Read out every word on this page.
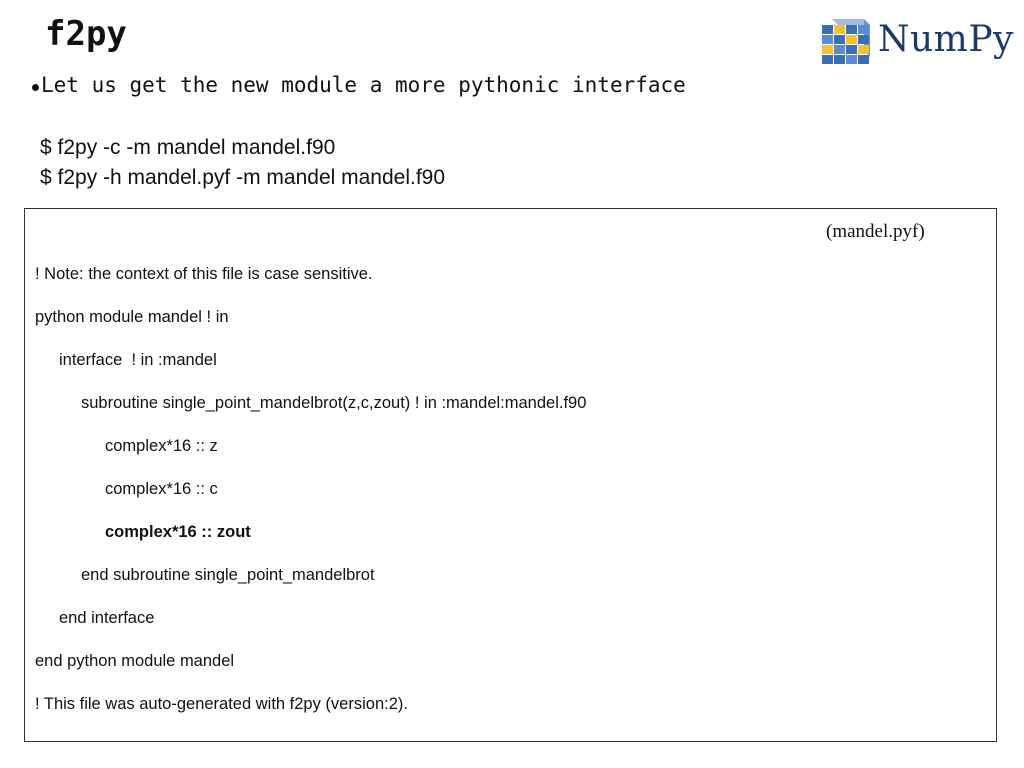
f2py	NumPy
Let us get the new module a more pythonic interface
$ f2py -c -m mandel mandel.f90
$ f2py -h mandel.pyf -m mandel mandel.f90
(mandel.pyf)
! Note: the context of this file is case sensitive.
python module mandel ! in
interface  ! in :mandel
subroutine single_point_mandelbrot(z,c,zout) ! in :mandel:mandel.f90
complex*16 :: z
complex*16 :: c
complex*16 :: zout
end subroutine single_point_mandelbrot
end interface
end python module mandel
! This file was auto-generated with f2py (version:2).
